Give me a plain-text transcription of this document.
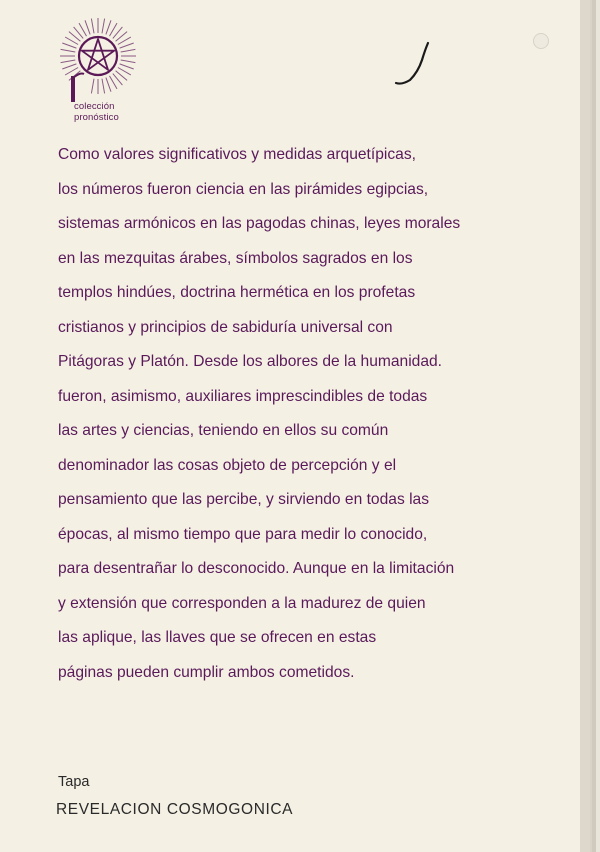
colección
pronóstico
Como valores significativos y medidas arquetípicas,
los números fueron ciencia en las pirámides egipcias,
sistemas armónicos en las pagodas chinas, leyes morales
en las mezquitas árabes, símbolos sagrados en los
templos hindúes, doctrina hermética en los profetas
cristianos y principios de sabiduría universal con
Pitágoras y Platón. Desde los albores de la humanidad.
fueron, asimismo, auxiliares imprescindibles de todas
las artes y ciencias, teniendo en ellos su común
denominador las cosas objeto de percepción y el
pensamiento que las percibe, y sirviendo en todas las
épocas, al mismo tiempo que para medir lo conocido,
para desentrañar lo desconocido. Aunque en la limitación
y extensión que corresponden a la madurez de quien
las aplique, las llaves que se ofrecen en estas
páginas pueden cumplir ambos cometidos.
Tapa
REVELACION COSMOGONICA
